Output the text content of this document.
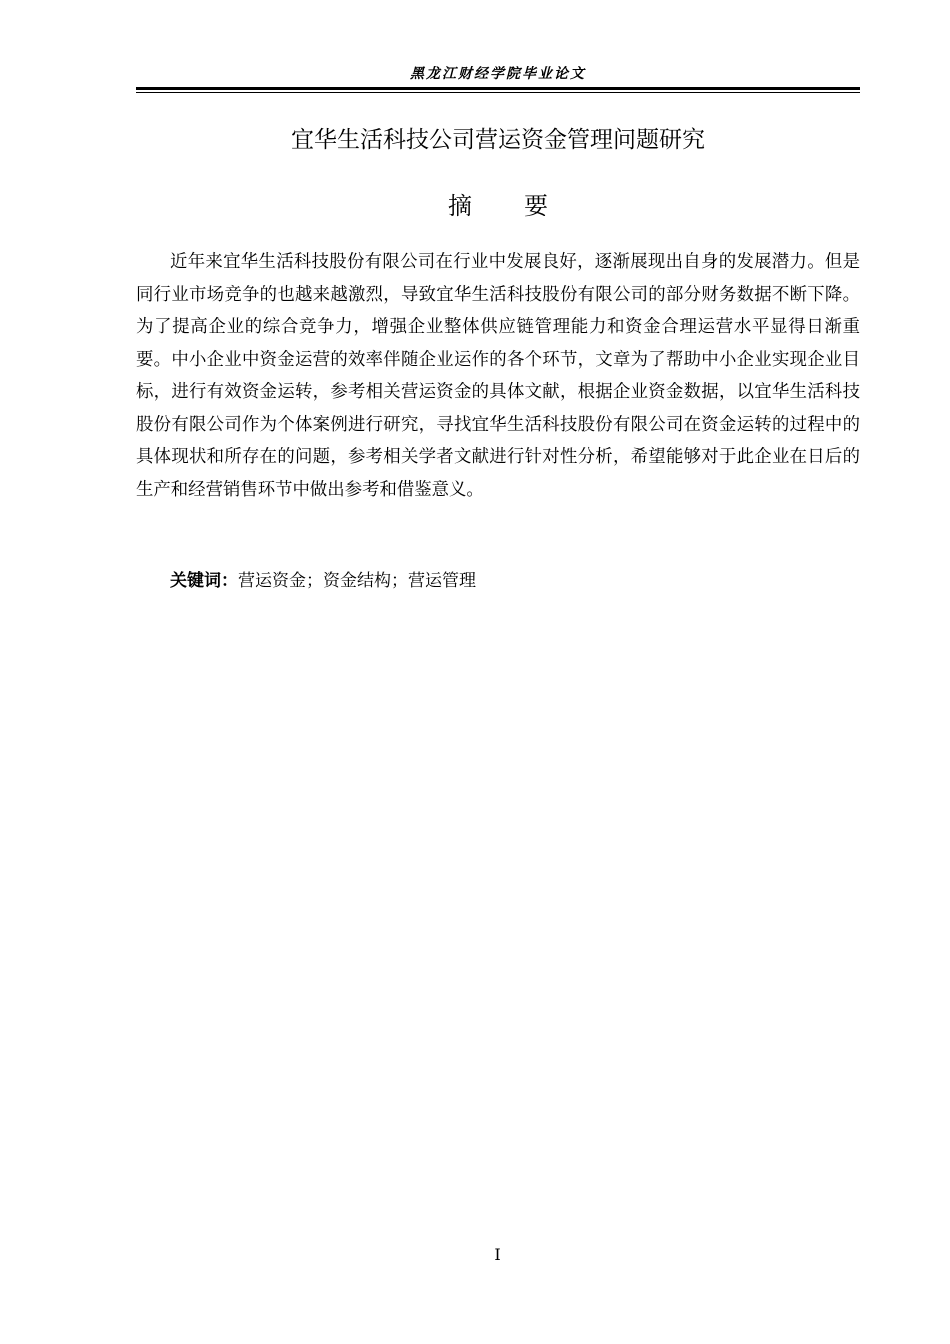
黑龙江财经学院毕业论文
宜华生活科技公司营运资金管理问题研究
摘要

近年来宜华生活科技股份有限公司在行业中发展良好，逐渐展现出自身的发展潜力。但是同行业市场竞争的也越来越激烈，导致宜华生活科技股份有限公司的部分财务数据不断下降。为了提高企业的综合竞争力，增强企业整体供应链管理能力和资金合理运营水平显得日渐重要。中小企业中资金运营的效率伴随企业运作的各个环节，文章为了帮助中小企业实现企业目标，进行有效资金运转，参考相关营运资金的具体文献，根据企业资金数据，以宜华生活科技股份有限公司作为个体案例进行研究，寻找宜华生活科技股份有限公司在资金运转的过程中的具体现状和所存在的问题，参考相关学者文献进行针对性分析，希望能够对于此企业在日后的生产和经营销售环节中做出参考和借鉴意义。

关键词：营运资金；资金结构；营运管理
I
